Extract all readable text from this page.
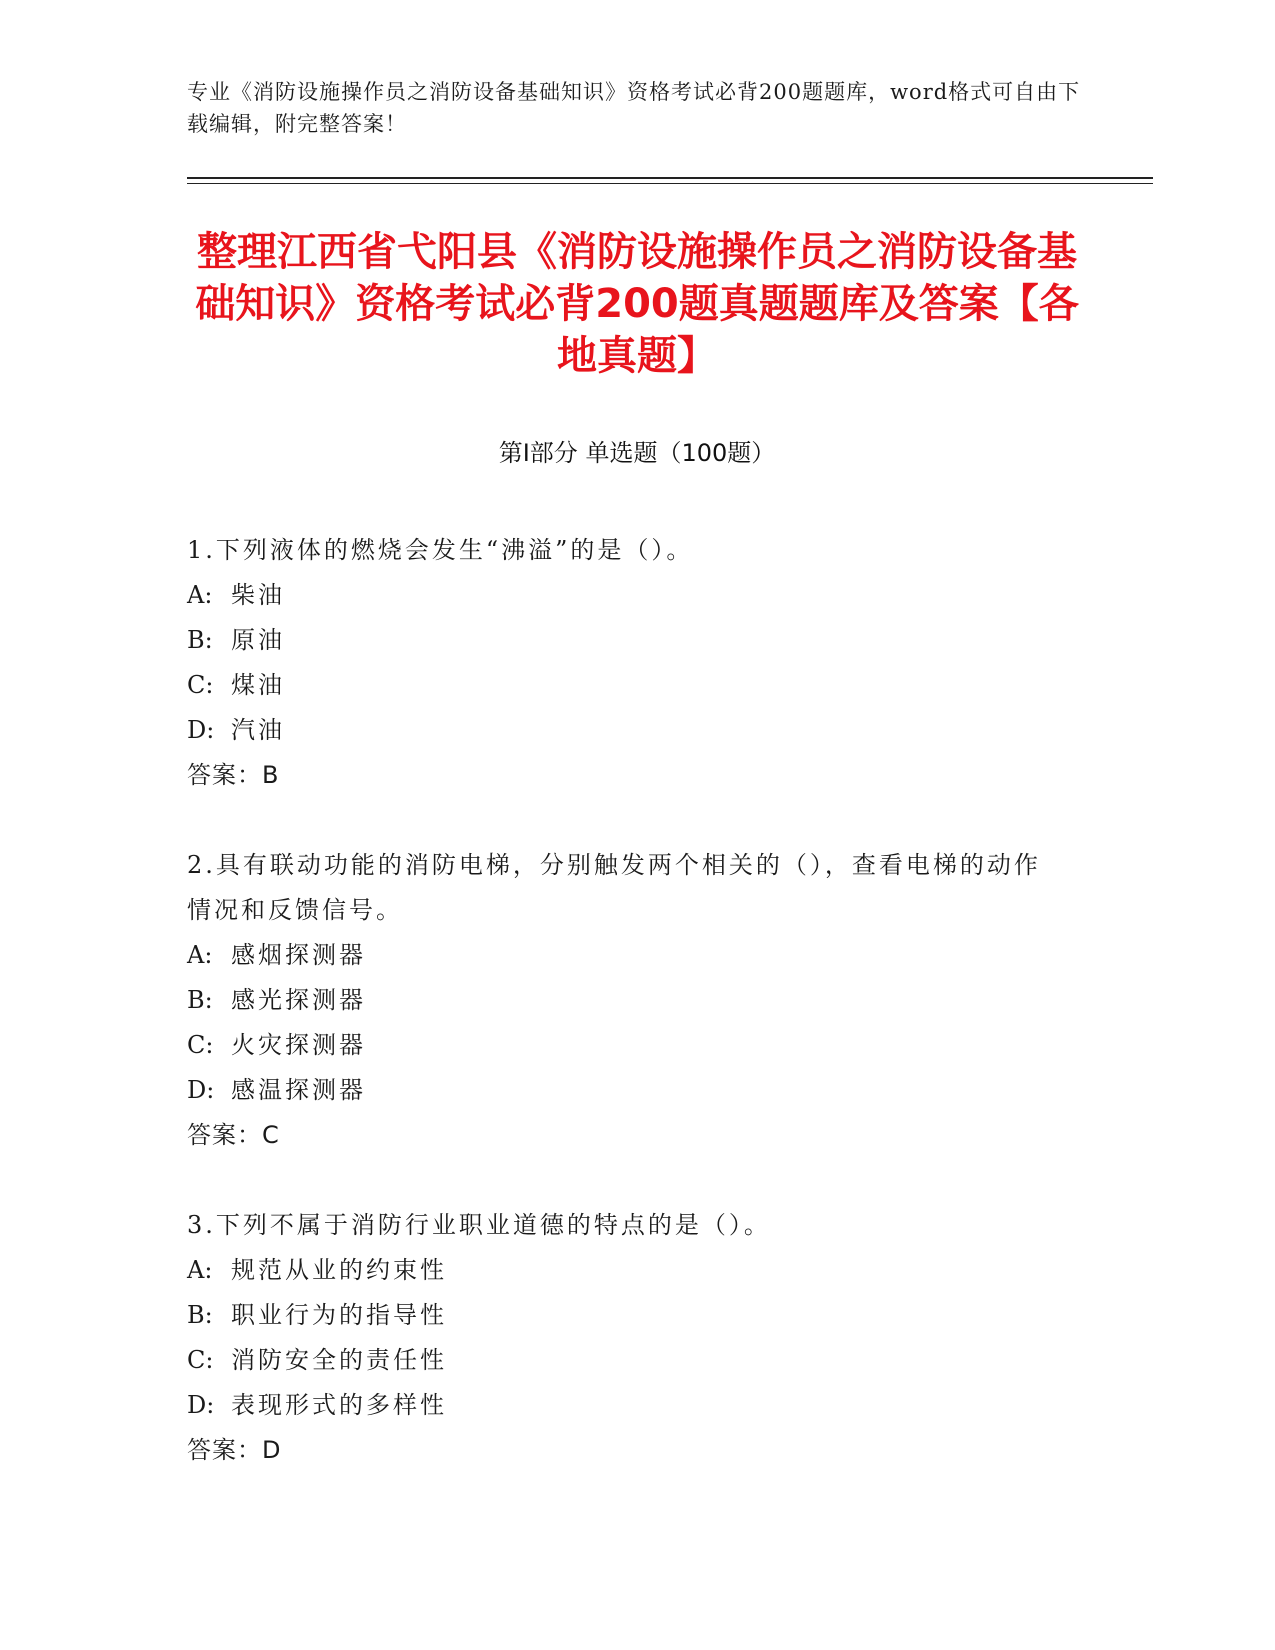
专业《消防设施操作员之消防设备基础知识》资格考试必背200题题库，word格式可自由下载编辑，附完整答案！
整理江西省弋阳县《消防设施操作员之消防设备基础知识》资格考试必背200题真题题库及答案【各地真题】
第Ⅰ部分 单选题（100题）

1.下列液体的燃烧会发生“沸溢”的是（）。

A: 柴油

B: 原油

C: 煤油

D: 汽油

答案：B

2.具有联动功能的消防电梯，分别触发两个相关的（），查看电梯的动作情况和反馈信号。

A: 感烟探测器

B: 感光探测器

C: 火灾探测器

D: 感温探测器

答案：C

3.下列不属于消防行业职业道德的特点的是（）。

A: 规范从业的约束性

B: 职业行为的指导性

C: 消防安全的责任性

D: 表现形式的多样性

答案：D
